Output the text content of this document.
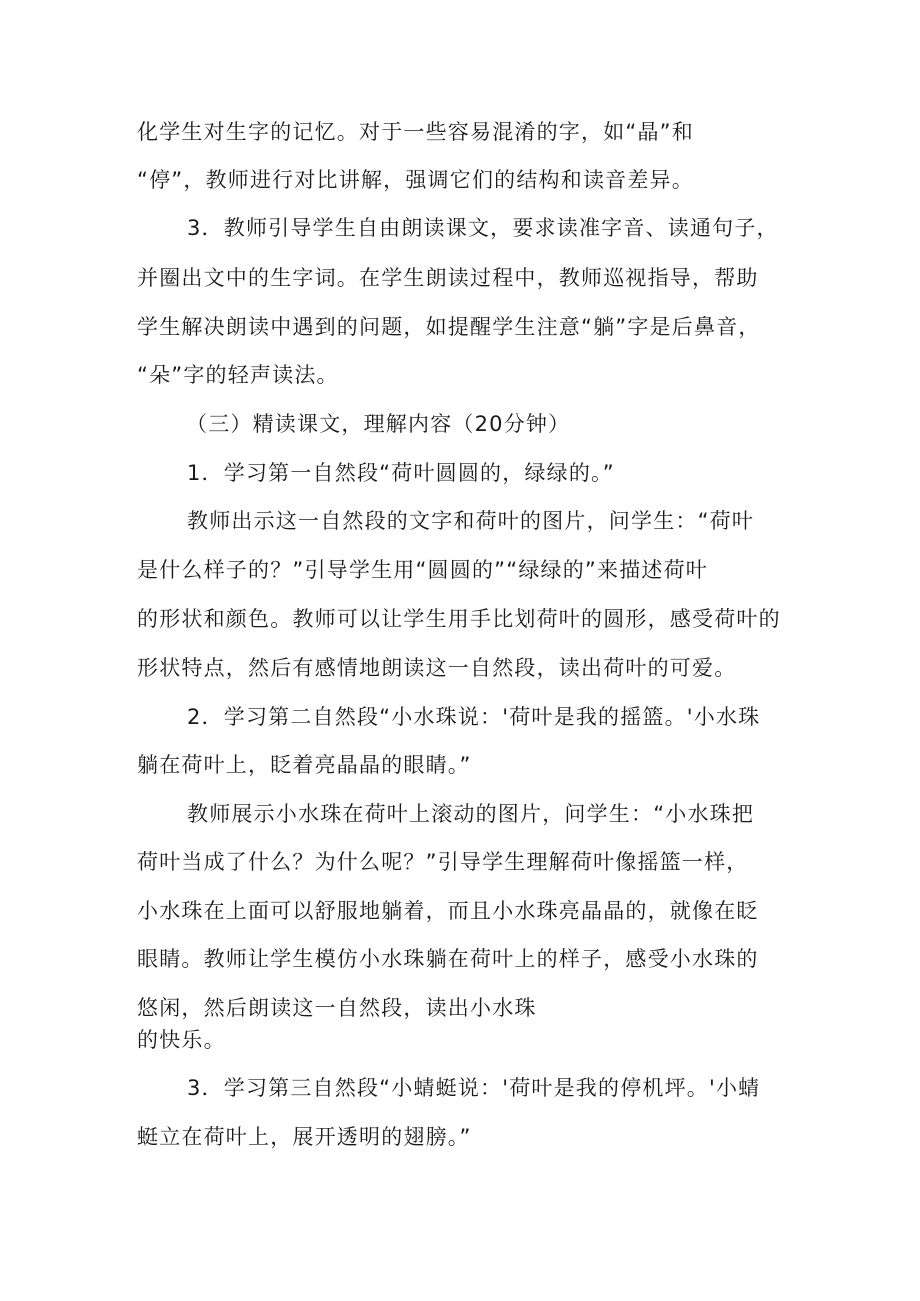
化学生对生字的记忆。对于一些容易混淆的字，如“晶”和
“停”，教师进行对比讲解，强调它们的结构和读音差异。
3．教师引导学生自由朗读课文，要求读准字音、读通句子，
并圈出文中的生字词。在学生朗读过程中，教师巡视指导，帮助
学生解决朗读中遇到的问题，如提醒学生注意“躺”字是后鼻音，
“朵”字的轻声读法。
（三）精读课文，理解内容（20分钟）
1．学习第一自然段“荷叶圆圆的，绿绿的。”
教师出示这一自然段的文字和荷叶的图片，问学生：“荷叶
是什么样子的？”引导学生用“圆圆的”“绿绿的”来描述荷叶
的形状和颜色。教师可以让学生用手比划荷叶的圆形，感受荷叶的
形状特点，然后有感情地朗读这一自然段，读出荷叶的可爱。
2．学习第二自然段“小水珠说：'荷叶是我的摇篮。'小水珠
躺在荷叶上，眨着亮晶晶的眼睛。”
教师展示小水珠在荷叶上滚动的图片，问学生：“小水珠把
荷叶当成了什么？为什么呢？”引导学生理解荷叶像摇篮一样，
小水珠在上面可以舒服地躺着，而且小水珠亮晶晶的，就像在眨
眼睛。教师让学生模仿小水珠躺在荷叶上的样子，感受小水珠的
悠闲，然后朗读这一自然段，读出小水珠
的快乐。
3．学习第三自然段“小蜻蜓说：'荷叶是我的停机坪。'小蜻
蜓立在荷叶上，展开透明的翅膀。”
